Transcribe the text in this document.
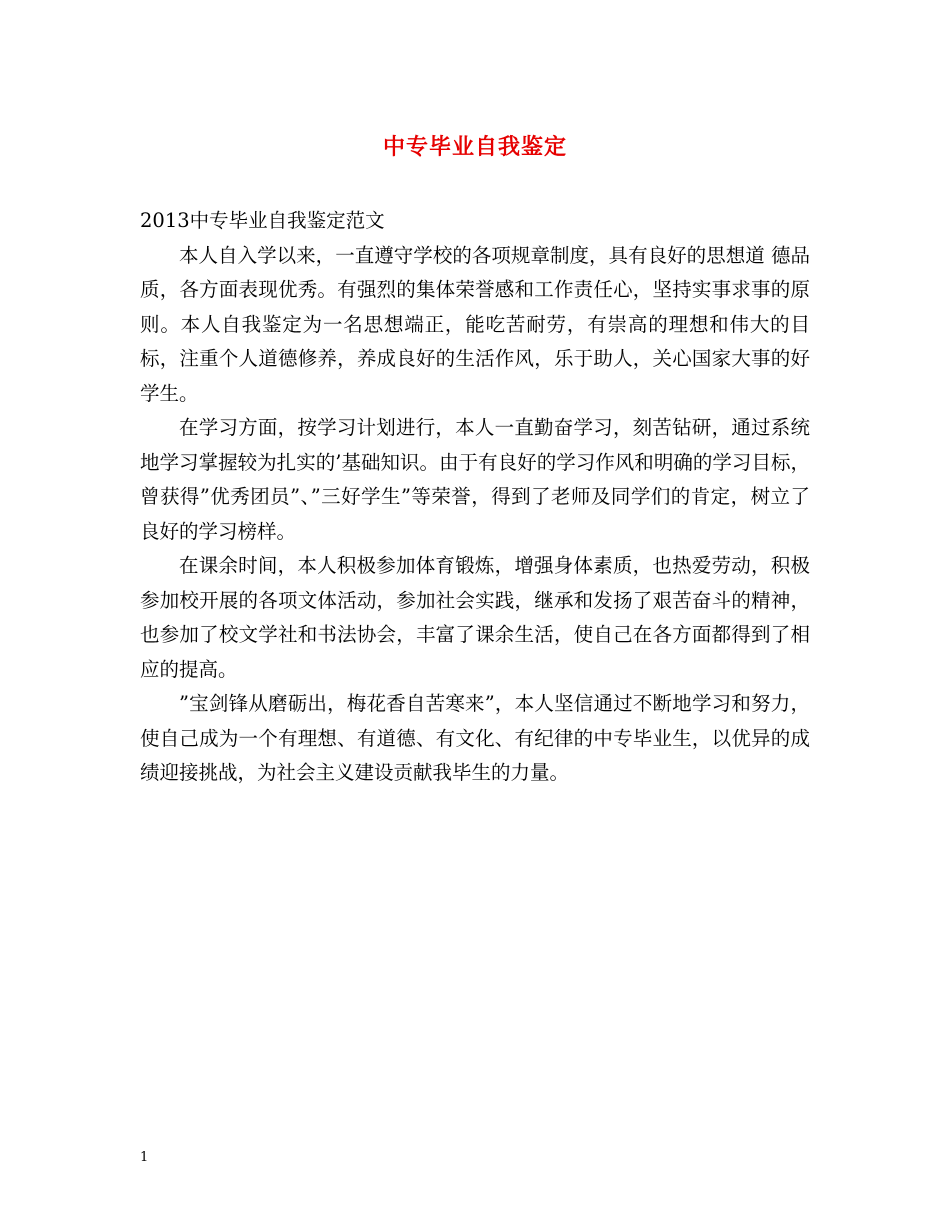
中专毕业自我鉴定

2013中专毕业自我鉴定范文

本人自入学以来，一直遵守学校的各项规章制度，具有良好的思想道 德品质，各方面表现优秀。有强烈的集体荣誉感和工作责任心，坚持实事求事的原则。本人自我鉴定为一名思想端正，能吃苦耐劳，有崇高的理想和伟大的目标，注重个人道德修养，养成良好的生活作风，乐于助人，关心国家大事的好学生。

在学习方面，按学习计划进行，本人一直勤奋学习，刻苦钻研，通过系统地学习掌握较为扎实的’基础知识。由于有良好的学习作风和明确的学习目标，曾获得”优秀团员”、”三好学生”等荣誉，得到了老师及同学们的肯定，树立了良好的学习榜样。

在课余时间，本人积极参加体育锻炼，增强身体素质，也热爱劳动，积极参加校开展的各项文体活动，参加社会实践，继承和发扬了艰苦奋斗的精神，也参加了校文学社和书法协会，丰富了课余生活，使自己在各方面都得到了相应的提高。

”宝剑锋从磨砺出，梅花香自苦寒来”，本人坚信通过不断地学习和努力，使自己成为一个有理想、有道德、有文化、有纪律的中专毕业生，以优异的成绩迎接挑战，为社会主义建设贡献我毕生的力量。

1
